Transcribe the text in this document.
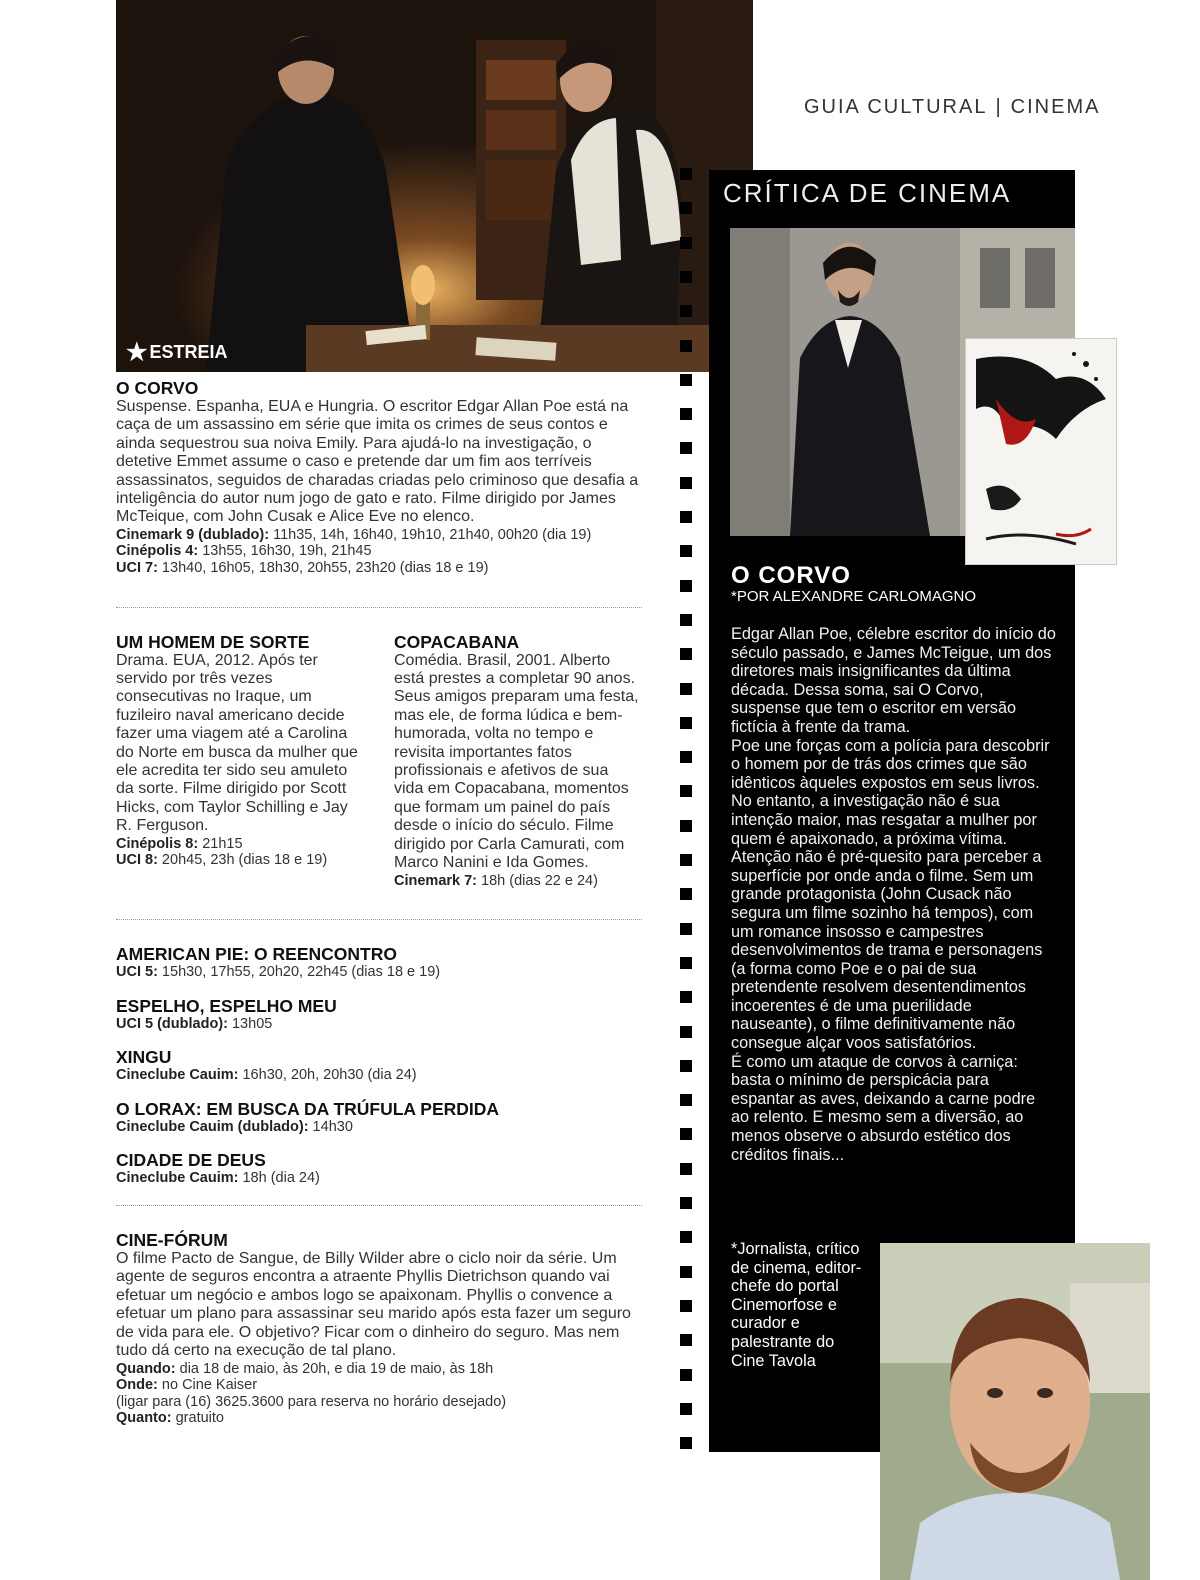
★ ESTREIA
GUIA CULTURAL | CINEMA
O CORVO
Suspense. Espanha, EUA e Hungria. O escritor Edgar Allan Poe está na caça de um assassino em série que imita os crimes de seus contos e ainda sequestrou sua noiva Emily. Para ajudá-lo na investigação, o detetive Emmet assume o caso e pretende dar um fim aos terríveis assassinatos, seguidos de charadas criadas pelo criminoso que desafia a inteligência do autor num jogo de gato e rato. Filme dirigido por James McTeique, com John Cusak e Alice Eve no elenco.
Cinemark 9 (dublado): 11h35, 14h, 16h40, 19h10, 21h40, 00h20 (dia 19)
Cinépolis 4: 13h55, 16h30, 19h, 21h45
UCI 7: 13h40, 16h05, 18h30, 20h55, 23h20 (dias 18 e 19)
UM HOMEM DE SORTE
Drama. EUA, 2012. Após ter servido por três vezes consecutivas no Iraque, um fuzileiro naval americano decide fazer uma viagem até a Carolina do Norte em busca da mulher que ele acredita ter sido seu amuleto da sorte. Filme dirigido por Scott Hicks, com Taylor Schilling e Jay R. Ferguson.
Cinépolis 8: 21h15
UCI 8: 20h45, 23h (dias 18 e 19)
COPACABANA
Comédia. Brasil, 2001. Alberto está prestes a completar 90 anos. Seus amigos preparam uma festa, mas ele, de forma lúdica e bem-humorada, volta no tempo e revisita importantes fatos profissionais e afetivos de sua vida em Copacabana, momentos que formam um painel do país desde o início do século. Filme dirigido por Carla Camurati, com Marco Nanini e Ida Gomes.
Cinemark 7: 18h (dias 22 e 24)
AMERICAN PIE: O REENCONTRO
UCI 5: 15h30, 17h55, 20h20, 22h45 (dias 18 e 19)
ESPELHO, ESPELHO MEU
UCI 5 (dublado): 13h05
XINGU
Cineclube Cauim: 16h30, 20h, 20h30 (dia 24)
O LORAX: EM BUSCA DA TRÚFULA PERDIDA
Cineclube Cauim (dublado): 14h30
CIDADE DE DEUS
Cineclube Cauim: 18h (dia 24)
CINE-FÓRUM
O filme Pacto de Sangue, de Billy Wilder abre o ciclo noir da série. Um agente de seguros encontra a atraente Phyllis Dietrichson quando vai efetuar um negócio e ambos logo se apaixonam. Phyllis o convence a efetuar um plano para assassinar seu marido após esta fazer um seguro de vida para ele. O objetivo? Ficar com o dinheiro do seguro. Mas nem tudo dá certo na execução de tal plano.
Quando: dia 18 de maio, às 20h, e dia 19 de maio, às 18h
Onde: no Cine Kaiser
(ligar para (16) 3625.3600 para reserva no horário desejado)
Quanto: gratuito
CRÍTICA DE CINEMA
O CORVO
*POR ALEXANDRE CARLOMAGNO

Edgar Allan Poe, célebre escritor do início do século passado, e James McTeigue, um dos diretores mais insignificantes da última década. Dessa soma, sai O Corvo, suspense que tem o escritor em versão fictícia à frente da trama.

Poe une forças com a polícia para descobrir o homem por de trás dos crimes que são idênticos àqueles expostos em seus livros. No entanto, a investigação não é sua intenção maior, mas resgatar a mulher por quem é apaixonado, a próxima vítima.

Atenção não é pré-quesito para perceber a superfície por onde anda o filme. Sem um grande protagonista (John Cusack não segura um filme sozinho há tempos), com um romance insosso e campestres desenvolvimentos de trama e personagens (a forma como Poe e o pai de sua pretendente resolvem desentendimentos incoerentes é de uma puerilidade nauseante), o filme definitivamente não consegue alçar voos satisfatórios.

É como um ataque de corvos à carniça: basta o mínimo de perspicácia para espantar as aves, deixando a carne podre ao relento. E mesmo sem a diversão, ao menos observe o absurdo estético dos créditos finais...

*Jornalista, crítico de cinema, editor-chefe do portal Cinemorfose e curador e palestrante do Cine Tavola
